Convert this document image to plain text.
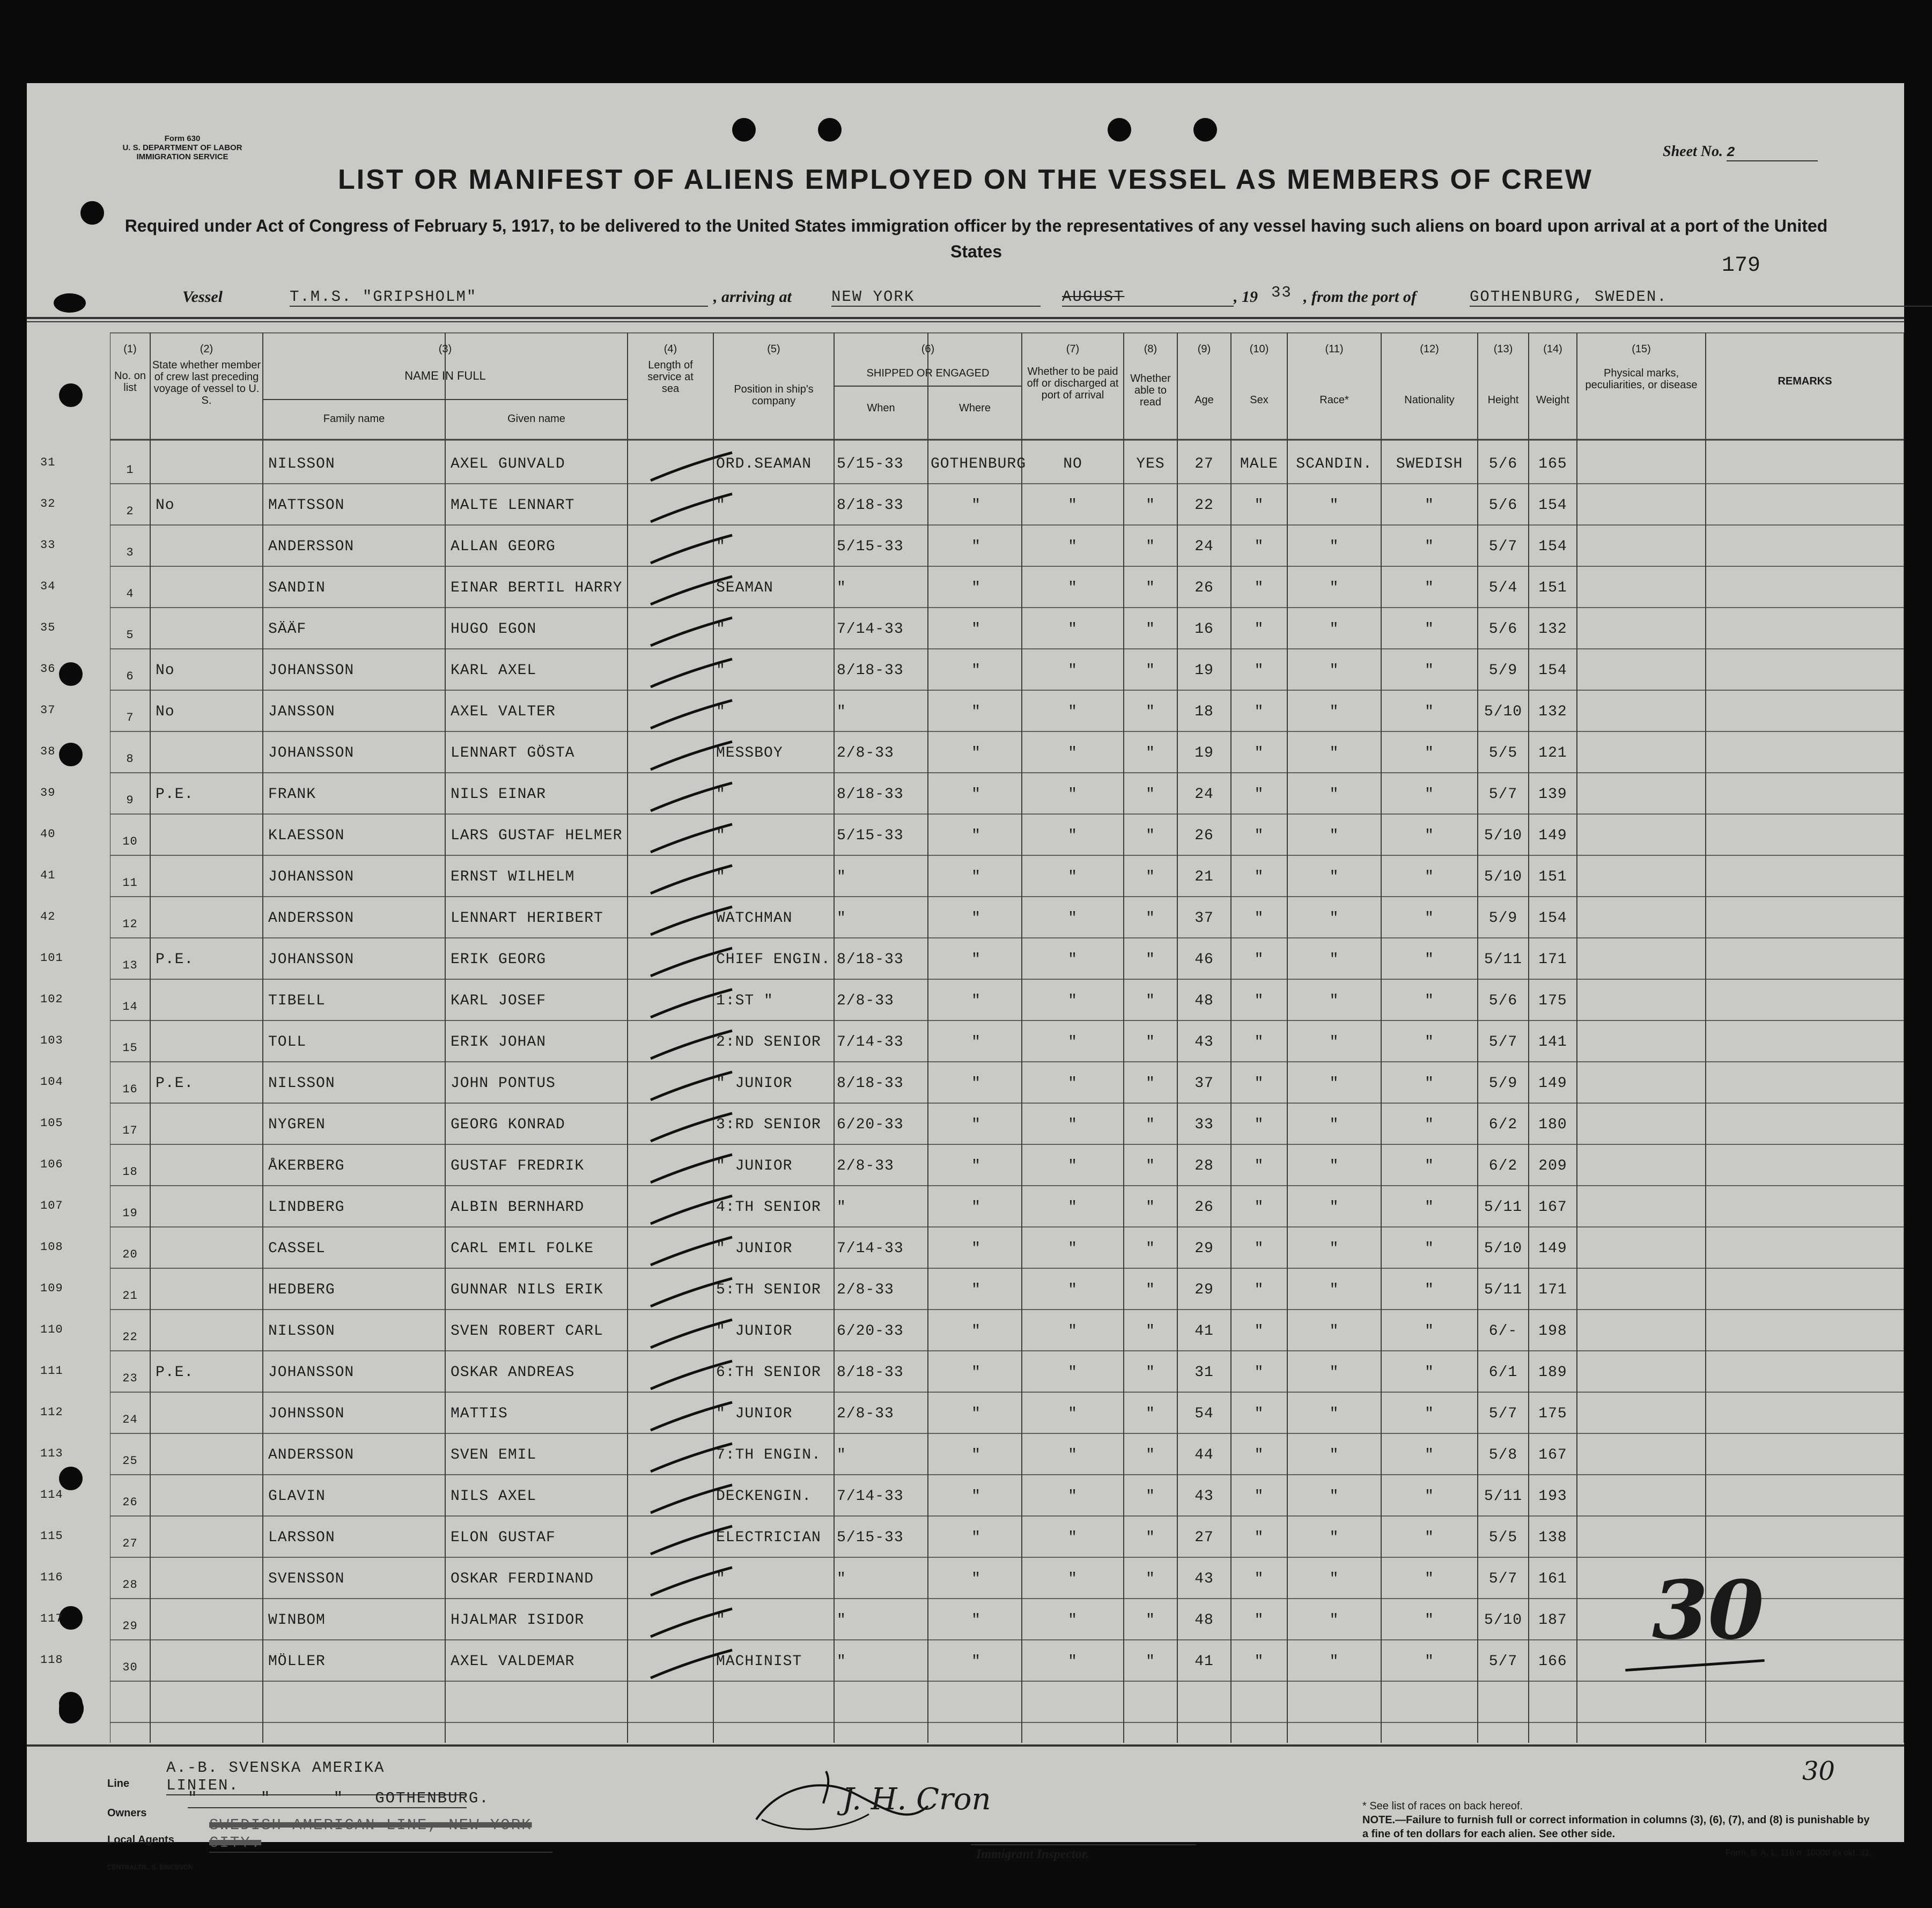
Form 630
U. S. DEPARTMENT OF LABOR
IMMIGRATION SERVICE	Sheet No. 2
LIST OR MANIFEST OF ALIENS EMPLOYED ON THE VESSEL AS MEMBERS OF CREW
Required under Act of Congress of February 5, 1917, to be delivered to the United States immigration officer by the representatives of any vessel having such aliens on board upon arrival at a port of the United States
179
Vessel	T.M.S. "GRIPSHOLM"	, arriving at	NEW YORK	AUGUST	, 19 33 , from the port of	GOTHENBURG, SWEDEN.
(1)
No. on list
(2)
State whether member of crew last preceding voyage of vessel to U. S.
(3)
NAME IN FULL
Family name	Given name
(4)
Length of service at sea
(5)
Position in ship's company
(6)
SHIPPED OR ENGAGED
When	Where
(7)
Whether to be paid off or discharged at port of arrival
(8)
Whether able to read
(9)
Age
(10)
Sex
(11)
Race*
(12)
Nationality
(13)
Height
(14)
Weight
(15)
Physical marks, peculiarities, or disease	REMARKS
31
1	NILSSON	AXEL GUNVALD	ORD.SEAMAN	5/15-33	GOTHENBURG	NO	YES	27	MALE	SCANDIN.	SWEDISH	5/6	165
32
2	No	MATTSSON	MALTE LENNART	"	8/18-33	"	"	"	22	"	"	"	5/6	154
33
3	ANDERSSON	ALLAN GEORG	"	5/15-33	"	"	"	24	"	"	"	5/7	154
34
4	SANDIN	EINAR BERTIL HARRY	SEAMAN	"	"	"	"	26	"	"	"	5/4	151
35
5	SÄÄF	HUGO EGON	"	7/14-33	"	"	"	16	"	"	"	5/6	132
36
6	No	JOHANSSON	KARL AXEL	"	8/18-33	"	"	"	19	"	"	"	5/9	154
37
7	No	JANSSON	AXEL VALTER	"	"	"	"	"	18	"	"	"	5/10	132
38
8	JOHANSSON	LENNART GÖSTA	MESSBOY	2/8-33	"	"	"	19	"	"	"	5/5	121
39
9	P.E.	FRANK	NILS EINAR	"	8/18-33	"	"	"	24	"	"	"	5/7	139
40
10	KLAESSON	LARS GUSTAF HELMER	"	5/15-33	"	"	"	26	"	"	"	5/10	149
41
11	JOHANSSON	ERNST WILHELM	"	"	"	"	"	21	"	"	"	5/10	151
42
12	ANDERSSON	LENNART HERIBERT	WATCHMAN	"	"	"	"	37	"	"	"	5/9	154
101
13	P.E.	JOHANSSON	ERIK GEORG	CHIEF ENGIN. 8/18-33	"	"	"	46	"	"	"	5/11	171
102
14	TIBELL	KARL JOSEF	1:ST "	2/8-33	"	"	"	48	"	"	"	5/6	175
103
15	TOLL	ERIK JOHAN	2:ND SENIOR	7/14-33	"	"	"	43	"	"	"	5/7	141
104
16	P.E.	NILSSON	JOHN PONTUS	" JUNIOR	8/18-33	"	"	"	37	"	"	"	5/9	149
105
17	NYGREN	GEORG KONRAD	3:RD SENIOR	6/20-33	"	"	"	33	"	"	"	6/2	180
106
18	ÅKERBERG	GUSTAF FREDRIK	" JUNIOR	2/8-33	"	"	"	28	"	"	"	6/2	209
107
19	LINDBERG	ALBIN BERNHARD	4:TH SENIOR	"	"	"	"	26	"	"	"	5/11	167
108
20	CASSEL	CARL EMIL FOLKE	" JUNIOR	7/14-33	"	"	"	29	"	"	"	5/10	149
109
21	HEDBERG	GUNNAR NILS ERIK	5:TH SENIOR	2/8-33	"	"	"	29	"	"	"	5/11	171
110
22	NILSSON	SVEN ROBERT CARL	" JUNIOR	6/20-33	"	"	"	41	"	"	"	6/-	198
111
23	P.E.	JOHANSSON	OSKAR ANDREAS	6:TH SENIOR	8/18-33	"	"	"	31	"	"	"	6/1	189
112
24	JOHNSSON	MATTIS	" JUNIOR	2/8-33	"	"	"	54	"	"	"	5/7	175
113
25	ANDERSSON	SVEN EMIL	7:TH ENGIN.	"	"	"	"	44	"	"	"	5/8	167
114
26	GLAVIN	NILS AXEL	DECKENGIN.	7/14-33	"	"	"	43	"	"	"	5/11	193
115
27	LARSSON	ELON GUSTAF	ELECTRICIAN	5/15-33	"	"	"	27	"	"	"	5/5	138
116
28	SVENSSON	OSKAR FERDINAND	"	"	"	"	"	43	"	"	"	5/7	161
117
29	WINBOM	HJALMAR ISIDOR	"	"	"	"	"	48	"	"	"	5/10	187
118
30	MÖLLER	AXEL VALDEMAR	MACHINIST	"	"	"	"	41	"	"	"	5/7	166
30
Line
A.-B. SVENSKA AMERIKA LINIEN.
Owners
"      "      "   GOTHENBURG.
Local Agents
SWEDISH AMERICAN LINE, NEW YORK CITY.
CENTRALTR., S. ERICSSON
J. H. Cron
Immigrant Inspector.
30
* See list of races on back hereof.
NOTE.—Failure to furnish full or correct information in columns (3), (6), (7), and (8) is punishable by a fine of ten dollars for each alien. See other side.
Form. S. A. L. 116 n. 10000 ex okt. 31.
